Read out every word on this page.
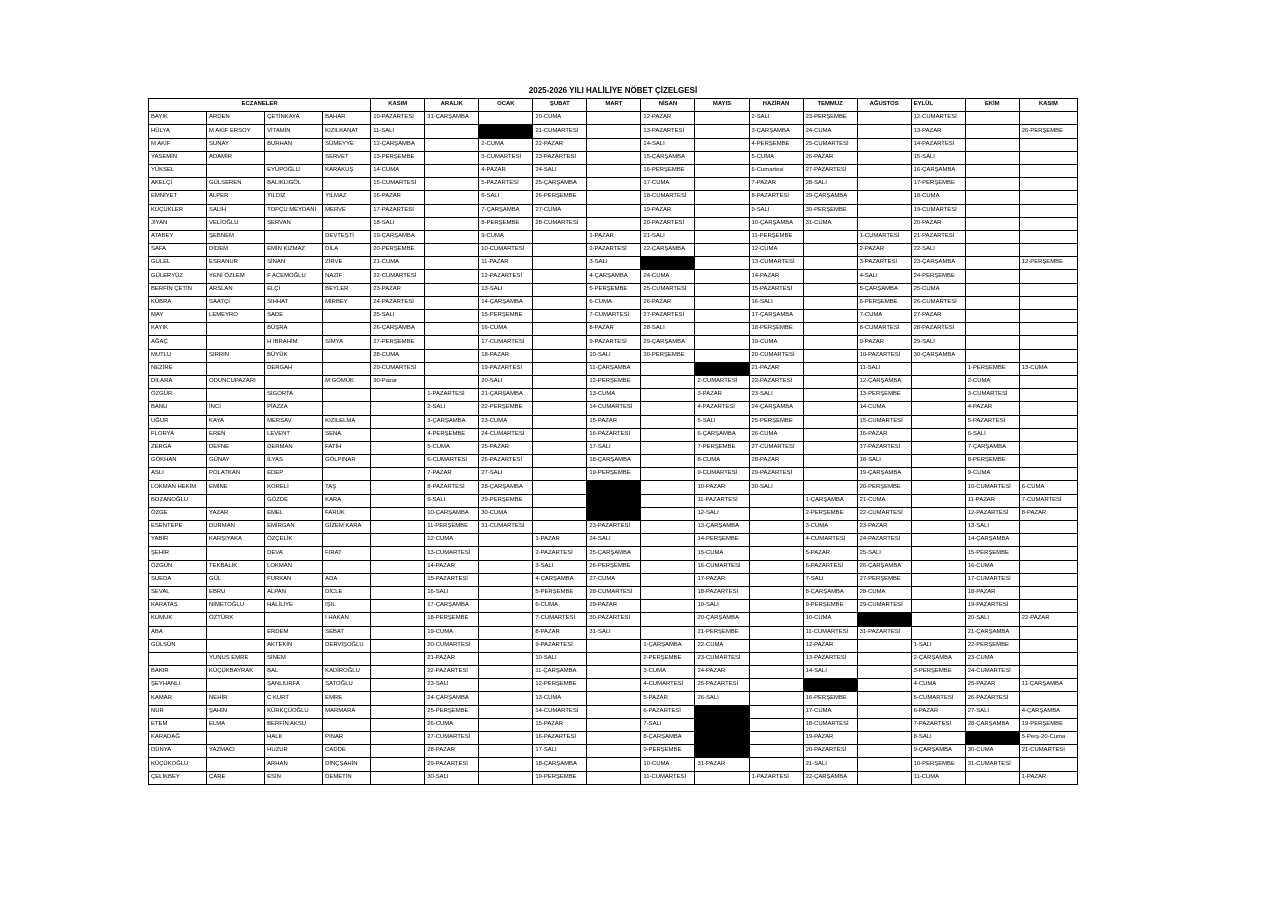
2025-2026 YILI HALİLİYE NÖBET ÇİZELGESİ
ECZANELER				KASIM	ARALIK	OCAK	ŞUBAT	MART	NİSAN	MAYIS	HAZİRAN	TEMMUZ	AĞUSTOS	EYLÜL	EKİM	KASIM
BAYIK	ARDEN	ÇETİNKAYA	BAHAR	10-PAZARTESİ	31-ÇARŞAMBA		20-CUMA		12-PAZAR		2-SALI	23-PERŞEMBE		12-CUMARTESİ		
HÜLYA	M AKİF ERSOY	VİTAMİN	KIZILKANAT	11-SALI			21-CUMARTESİ		13-PAZARTESİ		3-ÇARŞAMBA	24-CUMA		13-PAZAR		26-PERŞEMBE
M AKİF	SUNAY	BURHAN	SÜMEYYE	12-ÇARŞAMBA		2-CUMA	22-PAZAR		14-SALI		4-PERŞEMBE	25-CUMARTESİ		14-PAZARTESİ		
YASEMİN	ADAMİR		SERVET	13-PERŞEMBE		3-CUMARTESİ	23-PAZARTESİ		15-ÇARŞAMBA		5-CUMA	26-PAZAR		15-SALI		
YÜKSEL		EYÜPOĞLU	KARAKUŞ	14-CUMA		4-PAZAR	24-SALI		16-PERŞEMBE		6-Cumartesi	27-PAZARTESİ		16-ÇARŞAMBA		
AKELÇİ	GÜLSEREN	BALIKLIGÖL		15-CUMARTESİ		5-PAZARTESİ	25-ÇARŞAMBA		17-CUMA		7-PAZAR	28-SALI		17-PERŞEMBE		
EMNİYET	ALPER	YILDIZ	YILMAZ	16-PAZAR		6-SALI	26-PERŞEMBE		18-CUMARTESİ		8-PAZARTESİ	29-ÇARŞAMBA		18-CUMA		
KÜÇÜKLER	SALİH	TOPÇU MEYDANI	MERVE	17-PAZARTESİ		7-ÇARŞAMBA	27-CUMA		19-PAZAR		9-SALI	30-PERŞEMBE		19-CUMARTESİ		
JİYAN	VELİOĞLU	SERVAN		18-SALI		8-PERŞEMBE	28-CUMARTESİ		20-PAZARTESİ		10-ÇARŞAMBA	31-CUMA		20-PAZAR		
ATABEY	ŞEBNEM		DEVTEŞTİ	19-ÇARŞAMBA		9-CUMA		1-PAZAR	21-SALI		11-PERŞEMBE		1-CUMARTESİ	21-PAZARTESİ		
SAFA	DİDEM	EMİN KIZMAZ	DİLA	20-PERŞEMBE		10-CUMARTESİ		2-PAZARTESİ	22-ÇARŞAMBA		12-CUMA		2-PAZAR	22-SALI		
GÜLEL	ESRANUR	SİNAN	ZİRVE	21-CUMA		11-PAZAR		3-SALI			13-CUMARTESİ		3-PAZARTESİ	23-ÇARŞAMBA		12-PERŞEMBE
GÜLERYÜZ	YENİ ÖZLEM	F ACEMOĞLU	NAZİF	22-CUMARTESİ		12-PAZARTESİ		4-ÇARŞAMBA	24-CUMA		14-PAZAR		4-SALI	24-PERŞEMBE		
BERFİN ÇETİN	ARSLAN	ELÇİ	BEYLER	23-PAZAR		13-SALI		5-PERŞEMBE	25-CUMARTESİ		15-PAZARTESİ		5-ÇARŞAMBA	25-CUMA		
KÜBRA	SAATÇİ	SIHHAT	MİRBEY	24-PAZARTESİ		14-ÇARŞAMBA		6-CUMA	26-PAZAR		16-SALI		6-PERŞEMBE	26-CUMARTESİ		
MAY	LEMEYRO	SADE		25-SALI		15-PERŞEMBE		7-CUMARTESİ	27-PAZARTESİ		17-ÇARŞAMBA		7-CUMA	27-PAZAR		
KAYIK		BÜŞRA		26-ÇARŞAMBA		16-CUMA		8-PAZAR	28-SALI		18-PERŞEMBE		8-CUMARTESİ	28-PAZARTESİ		
AĞAÇ		H İBRAHİM	SİMYA	27-PERŞEMBE		17-CUMARTESİ		9-PAZARTESİ	29-ÇARŞAMBA		19-CUMA		9-PAZAR	29-SALI		
MUTLU	SIRRIN	BÜYÜK		28-CUMA		18-PAZAR		10-SALI	30-PERŞEMBE		20-CUMARTESİ		10-PAZARTESİ	30-ÇARŞAMBA		
NEZİRE		DERGAH		29-CUMARTESİ		19-PAZARTESİ		11-ÇARŞAMBA			21-PAZAR		11-SALI		1-PERŞEMBE	13-CUMA
DİLARA	ODUNCUPAZARI		M GÖMÜK	30-Pazar		20-SALI		12-PERŞEMBE		2-CUMARTESİ	22-PAZARTESİ		12-ÇARŞAMBA		2-CUMA	
ÖZGÜR		SİGORTA			1-PAZARTESİ	21-ÇARŞAMBA		13-CUMA		3-PAZAR	23-SALI		13-PERŞEMBE		3-CUMARTESİ	
BANU	İNCİ	PİAZZA			2-SALI	22-PERŞEMBE		14-CUMARTESİ		4-PAZARTESİ	24-ÇARŞAMBA		14-CUMA		4-PAZAR	
UĞUR	KAYA	MERSAV	KIZILELMA		3-ÇARŞAMBA	23-CUMA		15-PAZAR		5-SALI	25-PERŞEMBE		15-CUMARTESİ		5-PAZARTESİ	
FLORYA	EREN	LEVENT	SENA		4-PERŞEMBE	24-CUMARTESİ		16-PAZARTESİ		6-ÇARŞAMBA	26-CUMA		16-PAZAR		6-SALI	
ZERGA	DEFNE	DERMAN	FATİH		5-CUMA	25-PAZAR		17-SALI		7-PERŞEMBE	27-CUMARTESİ		17-PAZARTESİ		7-ÇARŞAMBA	
GÖKHAN	GÜNAY	İLYAS	GÖLPINAR		6-CUMARTESİ	26-PAZARTESİ		18-ÇARŞAMBA		8-CUMA	28-PAZAR		18-SALI		8-PERŞEMBE	
ASLI	POLATKAN	EDEP			7-PAZAR	27-SALI		19-PERŞEMBE		9-CUMARTESİ	29-PAZARTESİ		19-ÇARŞAMBA		9-CUMA	
LOKMAN HEKİM	EMİNE	KORELİ	TAŞ		8-PAZARTESİ	28-ÇARŞAMBA				10-PAZAR	30-SALI		20-PERŞEMBE		10-CUMARTESİ	6-CUMA
BOZANOĞLU		GÖZDE	KARA		9-SALI	29-PERŞEMBE				11-PAZARTESİ		1-ÇARŞAMBA	21-CUMA		11-PAZAR	7-CUMARTESİ
ÖZGE	YAZAR	EMEL	FARUK		10-ÇARŞAMBA	30-CUMA				12-SALI		2-PERŞEMBE	22-CUMARTESİ		12-PAZARTESİ	8-PAZAR
ESENTEPE	DURMAN	EMİRGAN	GİZEM KARA		11-PERŞEMBE	31-CUMARTESİ		23-PAZARTESİ		13-ÇARŞAMBA		3-CUMA	23-PAZAR		13-SALI	
YABİR	KARŞIYAKA	ÖZÇELİK			12-CUMA		1-PAZAR	24-SALI		14-PERŞEMBE		4-CUMARTESİ	24-PAZARTESİ		14-ÇARŞAMBA	
ŞEHİR		DEVA	FIRAT		13-CUMARTESİ		2-PAZARTESİ	25-ÇARŞAMBA		15-CUMA		5-PAZAR	25-SALI		15-PERŞEMBE	
ÖZGÜN	TEKBALIK	LOKMAN			14-PAZAR		3-SALI	26-PERŞEMBE		16-CUMARTESİ		6-PAZARTESİ	26-ÇARŞAMBA		16-CUMA	
SUEDA	GÜL	FURKAN	ADA		15-PAZARTESİ		4-ÇARŞAMBA	27-CUMA		17-PAZAR		7-SALI	27-PERŞEMBE		17-CUMARTESİ	
SEVAL	EBRU	ALPAN	DİCLE		16-SALI		5-PERŞEMBE	28-CUMARTESİ		18-PAZARTESİ		8-ÇARŞAMBA	28-CUMA		18-PAZAR	
KARATAŞ	NİMETOĞLU	HALİLİYE	IŞIL		17-ÇARŞAMBA		6-CUMA	29-PAZAR		19-SALI		9-PERŞEMBE	29-CUMARTESİ		19-PAZARTESİ	
KUMUK	ÖZTÜRK		İ HAKAN		18-PERŞEMBE		7-CUMARTESİ	30-PAZARTESİ		20-ÇARŞAMBA		10-CUMA			20-SALI	22-PAZAR
ABA		ERDEM	SEBAT		19-CUMA		8-PAZAR	31-SALI		21-PERŞEMBE		11-CUMARTESİ	31-PAZARTESİ		21-ÇARŞAMBA	
GÜLSÜN		AKTEKİN	DERVİŞOĞLU		20-CUMARTESİ		9-PAZARTESİ		1-ÇARŞAMBA	22-CUMA		12-PAZAR		1-SALI	22-PERŞEMBE	
	YUNUS EMRE	SİNEM			21-PAZAR		10-SALI		2-PERŞEMBE	23-CUMARTESİ		13-PAZARTESİ		2-ÇARŞAMBA	23-CUMA	
BAKIR	KÜÇÜKBAYRAK	BAL	KADİROĞLU		22-PAZARTESİ		11-ÇARŞAMBA		3-CUMA	24-PAZAR		14-SALI		3-PERŞEMBE	24-CUMARTESİ	
ŞEYHANLI		ŞANLIURFA	SATOĞLU		23-SALI		12-PERŞEMBE		4-CUMARTESİ	25-PAZARTESİ				4-CUMA	25-PAZAR	11-ÇARŞAMBA
KAMAR	NEHİR	C KURT	EMRE		24-ÇARŞAMBA		13-CUMA		5-PAZAR	26-SALI		16-PERŞEMBE		5-CUMARTESİ	26-PAZARTESİ	
NUR	ŞAHİN	KÜRKÇÜOĞLU	MARMARA		25-PERŞEMBE		14-CUMARTESİ		6-PAZARTESİ			17-CUMA		6-PAZAR	27-SALI	4-ÇARŞAMBA
ETEM	ELMA	BERFİN AKSU			26-CUMA		15-PAZAR		7-SALI			18-CUMARTESİ		7-PAZARTESİ	28-ÇARŞAMBA	19-PERŞEMBE
KARADAĞ		HALK	PINAR		27-CUMARTESİ		16-PAZARTESİ		8-ÇARŞAMBA			19-PAZAR		8-SALI		5-Perş-20-Cuma
DÜNYA	YAZMACI	HUZUR	CADDE		28-PAZAR		17-SALI		9-PERŞEMBE			20-PAZARTESİ		9-ÇARŞAMBA	30-CUMA	21-CUMARTESİ
KÜÇÜKOĞLU		ARHAN	DİNÇŞAHİN		29-PAZARTESİ		18-ÇARŞAMBA		10-CUMA	31-PAZAR		21-SALI		10-PERŞEMBE	31-CUMARTESİ	
ÇELİKBEY	ÇARE	ESİN	DEMETİN		30-SALI		19-PERŞEMBE		11-CUMARTESİ		1-PAZARTESİ	22-ÇARŞAMBA		11-CUMA		1-PAZAR
